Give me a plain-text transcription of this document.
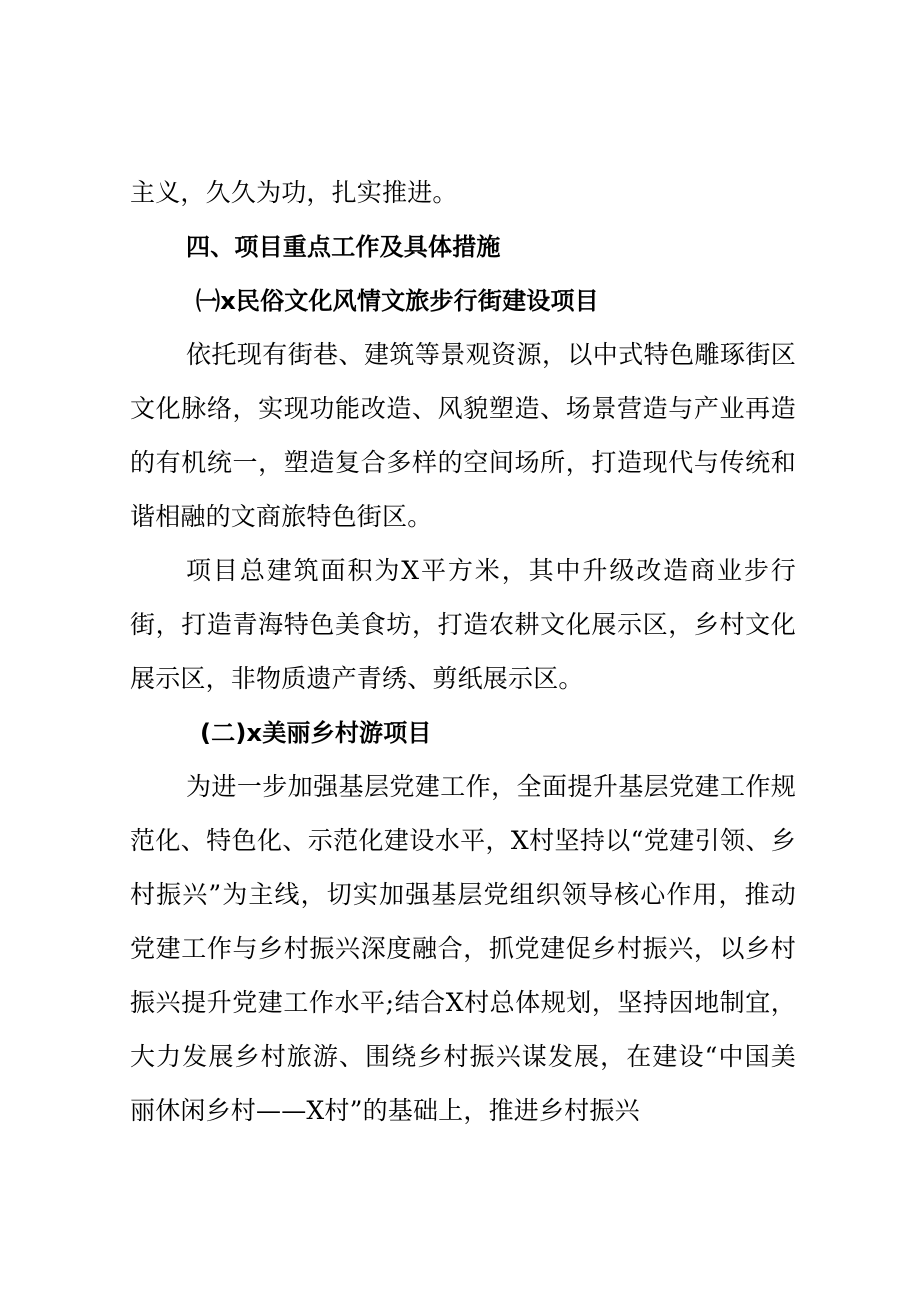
主义，久久为功，扎实推进。

四、项目重点工作及具体措施

㈠x民俗文化风情文旅步行街建设项目

依托现有街巷、建筑等景观资源，以中式特色雕琢街区文化脉络，实现功能改造、风貌塑造、场景营造与产业再造的有机统一，塑造复合多样的空间场所，打造现代与传统和谐相融的文商旅特色街区。

项目总建筑面积为X平方米，其中升级改造商业步行街，打造青海特色美食坊，打造农耕文化展示区，乡村文化展示区，非物质遗产青绣、剪纸展示区。

(二)x美丽乡村游项目

为进一步加强基层党建工作，全面提升基层党建工作规范化、特色化、示范化建设水平，X村坚持以“党建引领、乡村振兴”为主线，切实加强基层党组织领导核心作用，推动党建工作与乡村振兴深度融合，抓党建促乡村振兴，以乡村振兴提升党建工作水平;结合X村总体规划，坚持因地制宜，大力发展乡村旅游、围绕乡村振兴谋发展，在建设“中国美丽休闲乡村——X村”的基础上，推进乡村振兴
